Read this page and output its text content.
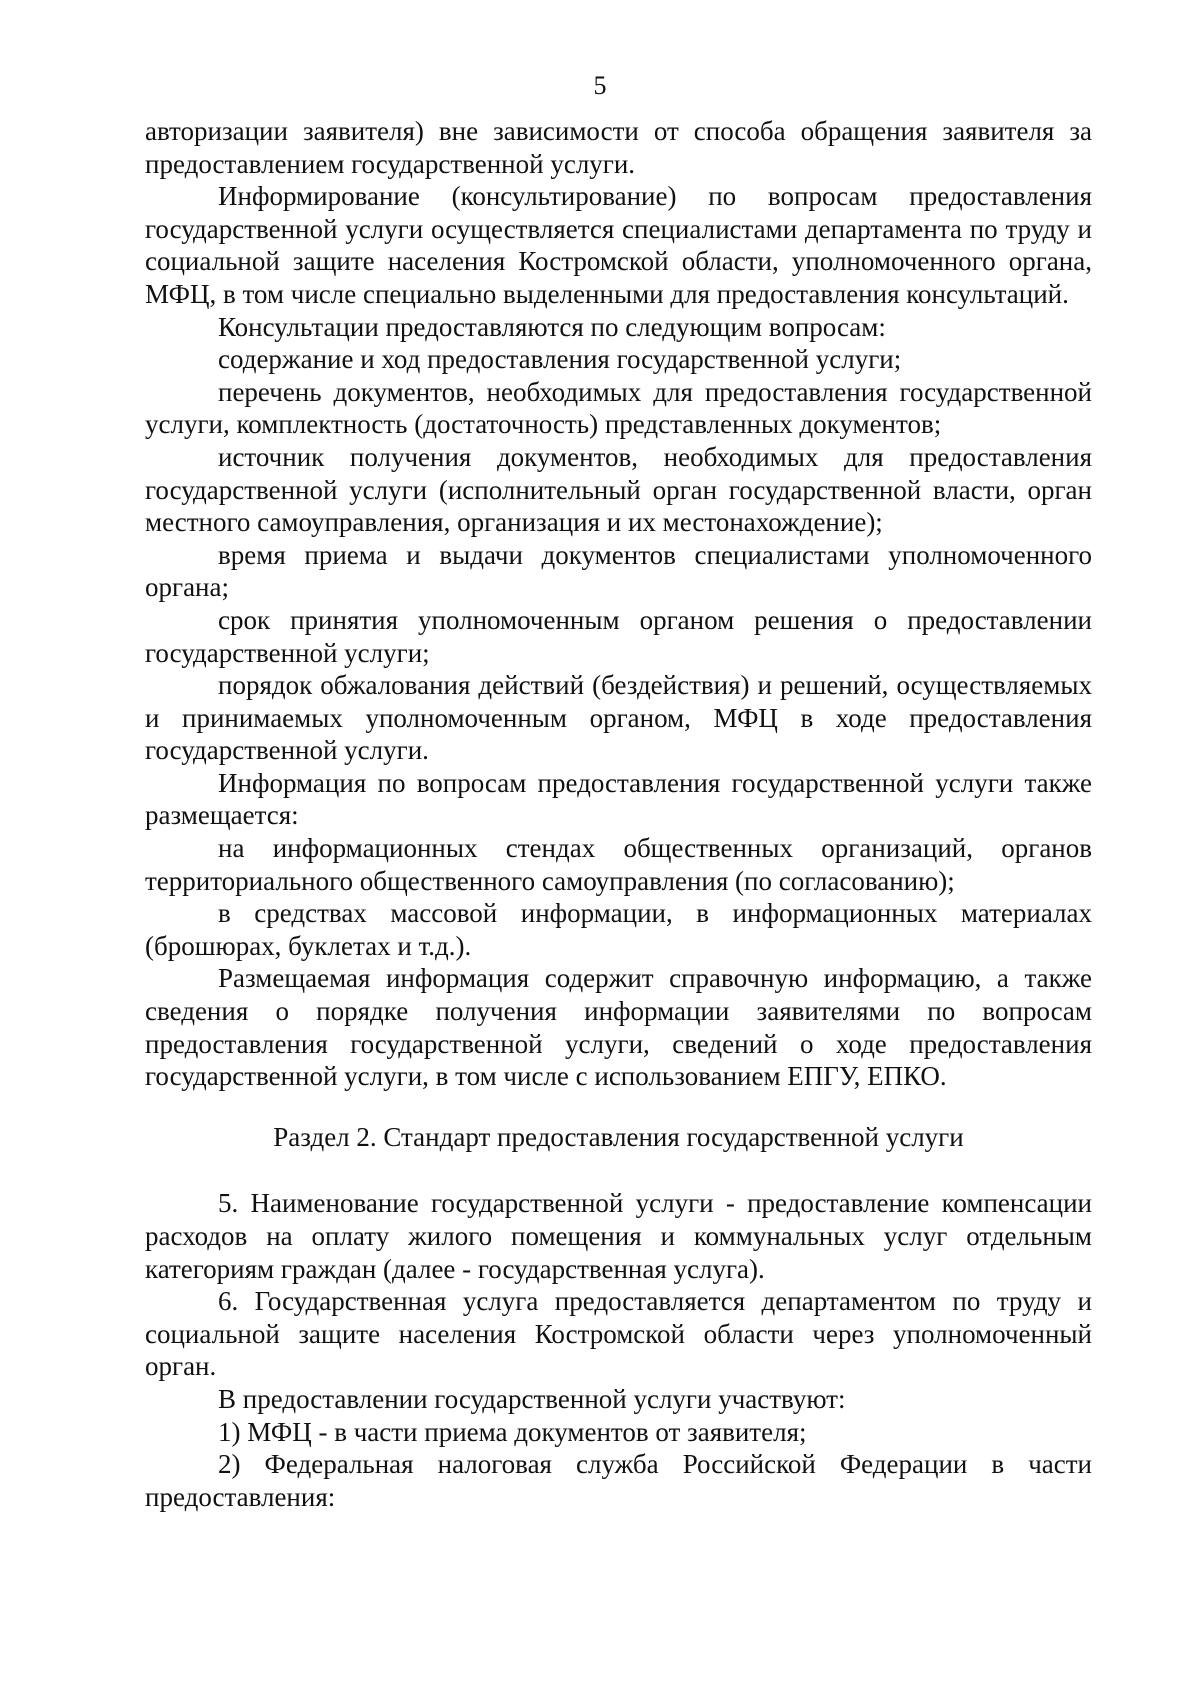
5

авторизации заявителя) вне зависимости от способа обращения заявителя за предоставлением государственной услуги.

Информирование (консультирование) по вопросам предоставления государственной услуги осуществляется специалистами департамента по труду и социальной защите населения Костромской области, уполномоченного органа, МФЦ, в том числе специально выделенными для предоставления консультаций.

Консультации предоставляются по следующим вопросам:

содержание и ход предоставления государственной услуги;

перечень документов, необходимых для предоставления государственной услуги, комплектность (достаточность) представленных документов;

источник получения документов, необходимых для предоставления государственной услуги (исполнительный орган государственной власти, орган местного самоуправления, организация и их местонахождение);

время приема и выдачи документов специалистами уполномоченного органа;

срок принятия уполномоченным органом решения о предоставлении государственной услуги;

порядок обжалования действий (бездействия) и решений, осуществляемых и принимаемых уполномоченным органом, МФЦ в ходе предоставления государственной услуги.

Информация по вопросам предоставления государственной услуги также размещается:

на информационных стендах общественных организаций, органов территориального общественного самоуправления (по согласованию);

в средствах массовой информации, в информационных материалах (брошюрах, буклетах и т.д.).

Размещаемая информация содержит справочную информацию, а также сведения о порядке получения информации заявителями по вопросам предоставления государственной услуги, сведений о ходе предоставления государственной услуги, в том числе с использованием ЕПГУ, ЕПКО.

Раздел 2. Стандарт предоставления государственной услуги

5. Наименование государственной услуги - предоставление компенсации расходов на оплату жилого помещения и коммунальных услуг отдельным категориям граждан (далее - государственная услуга).

6. Государственная услуга предоставляется департаментом по труду и социальной защите населения Костромской области через уполномоченный орган.

В предоставлении государственной услуги участвуют:

1) МФЦ - в части приема документов от заявителя;

2) Федеральная налоговая служба Российской Федерации в части предоставления:
